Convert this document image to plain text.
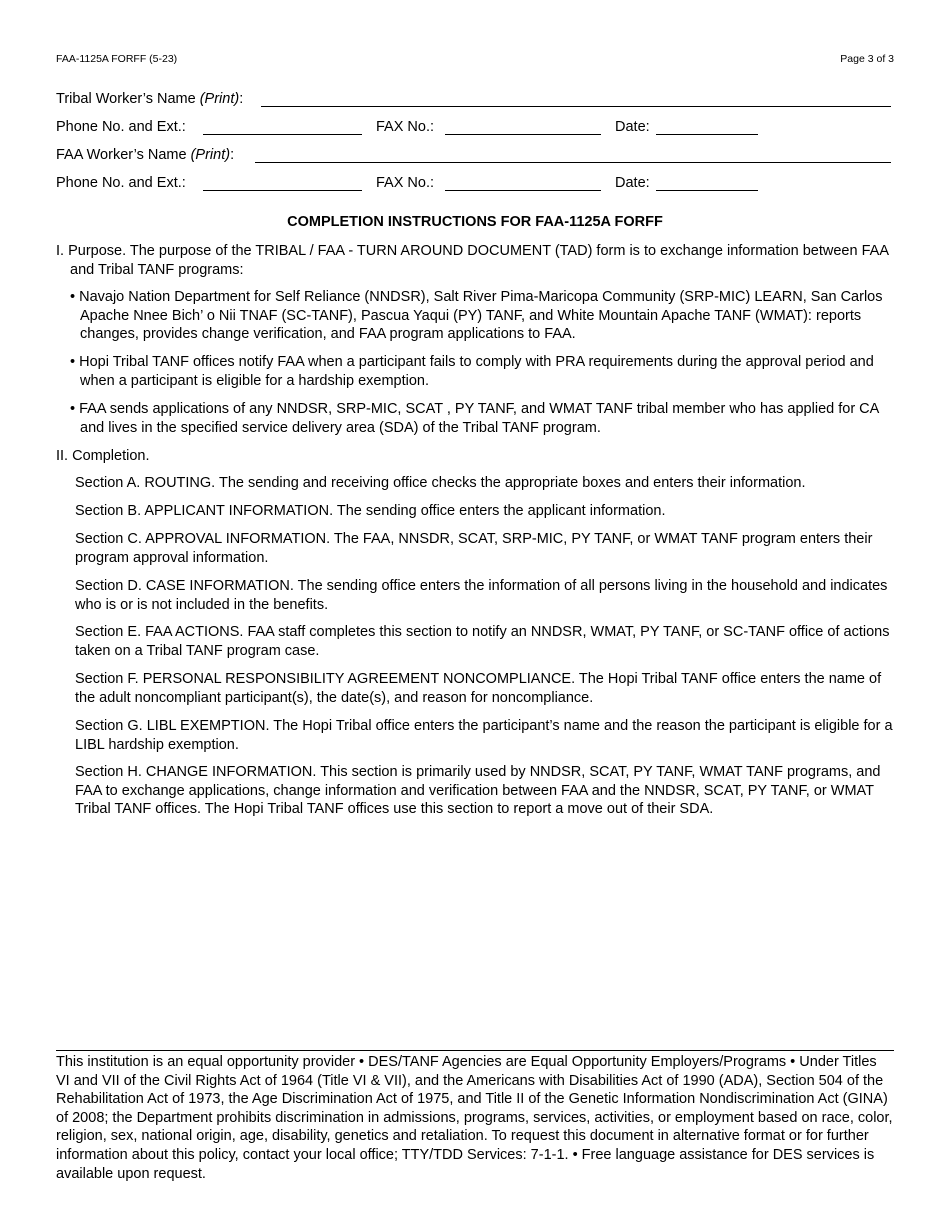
FAA-1125A FORFF (5-23)	Page 3 of 3
Tribal Worker’s Name (Print):
Phone No. and Ext.:	FAX No.:	Date:
FAA Worker’s Name (Print):
Phone No. and Ext.:	FAX No.:	Date:
COMPLETION INSTRUCTIONS FOR FAA-1125A FORFF
I. Purpose. The purpose of the TRIBAL / FAA - TURN AROUND DOCUMENT (TAD) form is to exchange information between FAA and Tribal TANF programs:
• Navajo Nation Department for Self Reliance (NNDSR), Salt River Pima-Maricopa Community (SRP-MIC) LEARN, San Carlos Apache Nnee Bich’ o Nii TNAF (SC-TANF), Pascua Yaqui (PY) TANF, and White Mountain Apache TANF (WMAT): reports changes, provides change verification, and FAA program applications to FAA.
• Hopi Tribal TANF offices notify FAA when a participant fails to comply with PRA requirements during the approval period and when a participant is eligible for a hardship exemption.
• FAA sends applications of any NNDSR, SRP-MIC, SCAT , PY TANF, and WMAT TANF tribal member who has applied for CA and lives in the specified service delivery area (SDA) of the Tribal TANF program.
II. Completion.
Section A. ROUTING. The sending and receiving office checks the appropriate boxes and enters their information.
Section B. APPLICANT INFORMATION. The sending office enters the applicant information.
Section C. APPROVAL INFORMATION. The FAA, NNSDR, SCAT, SRP-MIC, PY TANF, or WMAT TANF program enters their program approval information.
Section D. CASE INFORMATION. The sending office enters the information of all persons living in the household and indicates who is or is not included in the benefits.
Section E. FAA ACTIONS. FAA staff completes this section to notify an NNDSR, WMAT, PY TANF, or SC-TANF office of actions taken on a Tribal TANF program case.
Section F. PERSONAL RESPONSIBILITY AGREEMENT NONCOMPLIANCE. The Hopi Tribal TANF office enters the name of the adult noncompliant participant(s), the date(s), and reason for noncompliance.
Section G. LIBL EXEMPTION. The Hopi Tribal office enters the participant’s name and the reason the participant is eligible for a LIBL hardship exemption.
Section H. CHANGE INFORMATION. This section is primarily used by NNDSR, SCAT, PY TANF, WMAT TANF programs, and FAA to exchange applications, change information and verification between FAA and the NNDSR, SCAT, PY TANF, or WMAT Tribal TANF offices. The Hopi Tribal TANF offices use this section to report a move out of their SDA.
This institution is an equal opportunity provider • DES/TANF Agencies are Equal Opportunity Employers/Programs • Under Titles VI and VII of the Civil Rights Act of 1964 (Title VI & VII), and the Americans with Disabilities Act of 1990 (ADA), Section 504 of the Rehabilitation Act of 1973, the Age Discrimination Act of 1975, and Title II of the Genetic Information Nondiscrimination Act (GINA) of 2008; the Department prohibits discrimination in admissions, programs, services, activities, or employment based on race, color, religion, sex, national origin, age, disability, genetics and retaliation. To request this document in alternative format or for further information about this policy, contact your local office; TTY/TDD Services: 7-1-1. • Free language assistance for DES services is available upon request.
